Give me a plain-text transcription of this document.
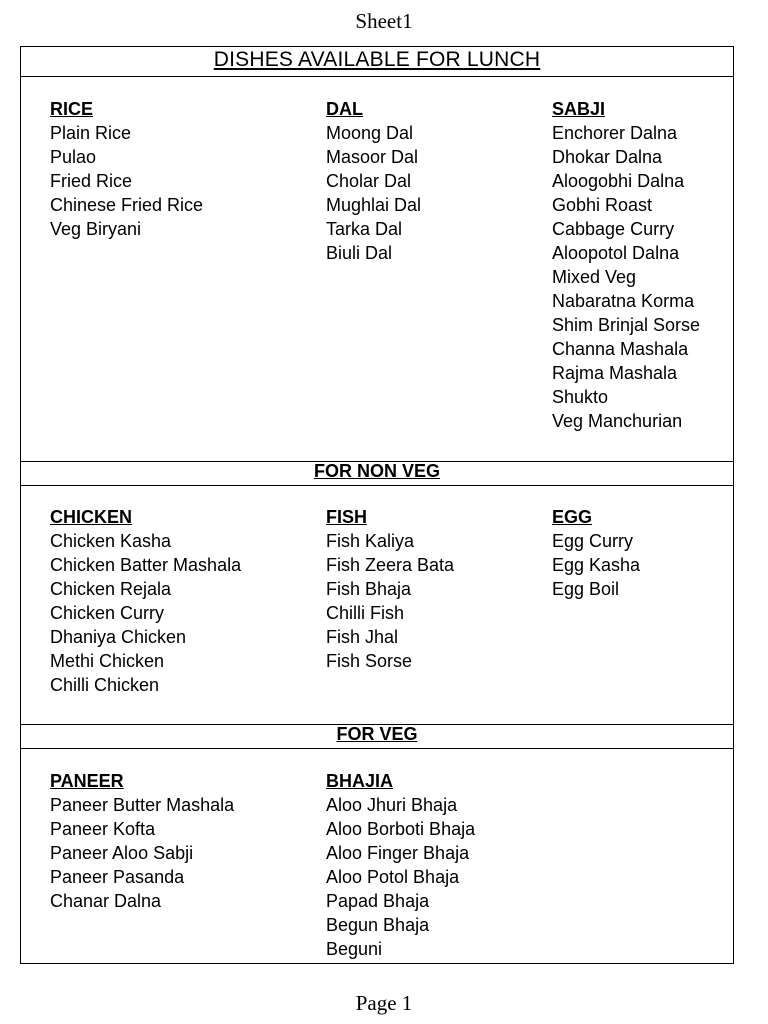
Sheet1
DISHES AVAILABLE FOR LUNCH
RICE
Plain Rice
Pulao
Fried Rice
Chinese Fried Rice
Veg Biryani
DAL
Moong Dal
Masoor Dal
Cholar Dal
Mughlai Dal
Tarka Dal
Biuli Dal
SABJI
Enchorer Dalna
Dhokar Dalna
Aloogobhi Dalna
Gobhi Roast
Cabbage Curry
Aloopotol Dalna
Mixed Veg
Nabaratna Korma
Shim Brinjal Sorse
Channa Mashala
Rajma Mashala
Shukto
Veg Manchurian
FOR NON VEG
CHICKEN
Chicken Kasha
Chicken Batter Mashala
Chicken Rejala
Chicken Curry
Dhaniya Chicken
Methi Chicken
Chilli Chicken
FISH
Fish Kaliya
Fish Zeera Bata
Fish Bhaja
Chilli Fish
Fish Jhal
Fish Sorse
EGG
Egg Curry
Egg Kasha
Egg Boil
FOR VEG
PANEER
Paneer Butter Mashala
Paneer Kofta
Paneer Aloo Sabji
Paneer Pasanda
Chanar Dalna
BHAJIA
Aloo Jhuri Bhaja
Aloo Borboti Bhaja
Aloo Finger Bhaja
Aloo Potol Bhaja
Papad Bhaja
Begun Bhaja
Beguni
Page 1
